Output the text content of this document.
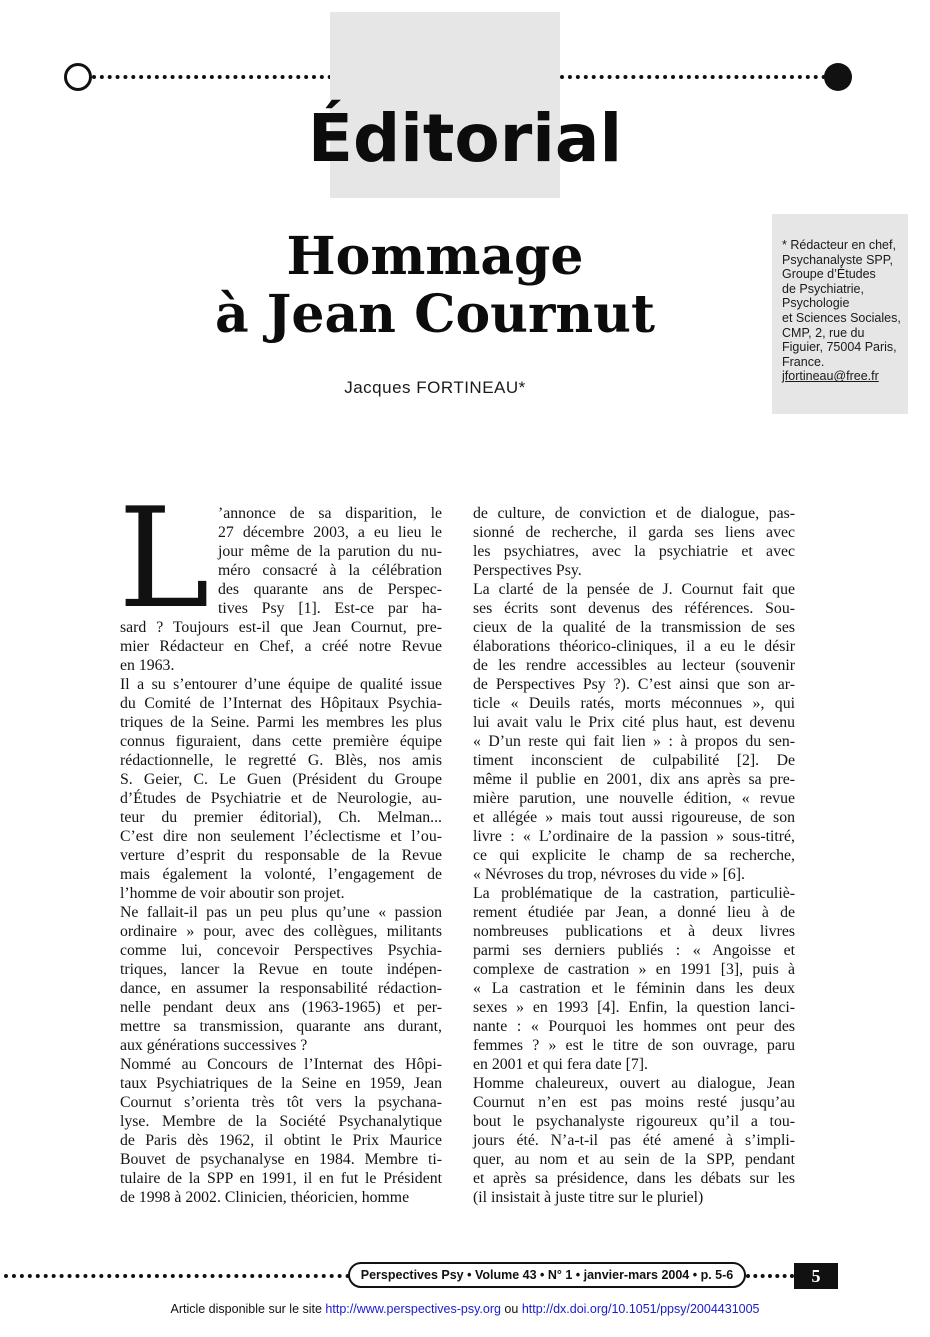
Éditorial
Hommage
à Jean Cournut
Jacques FORTINEAU*
* Rédacteur en chef,
Psychanalyste SPP,
Groupe d’Études
de Psychiatrie,
Psychologie
et Sciences Sociales,
CMP, 2, rue du
Figuier, 75004 Paris,
France.
jfortineau@free.fr
L ’annonce de sa disparition, le
27 décembre 2003, a eu lieu le
jour même de la parution du nu-
méro consacré à la célébration
des quarante ans de Perspec-
tives Psy [1]. Est-ce par ha-
sard ? Toujours est-il que Jean Cournut, pre-
mier Rédacteur en Chef, a créé notre Revue
en 1963.
Il a su s’entourer d’une équipe de qualité issue
du Comité de l’Internat des Hôpitaux Psychia-
triques de la Seine. Parmi les membres les plus
connus figuraient, dans cette première équipe
rédactionnelle, le regretté G. Blès, nos amis
S. Geier, C. Le Guen (Président du Groupe
d’Études de Psychiatrie et de Neurologie, au-
teur du premier éditorial), Ch. Melman...
C’est dire non seulement l’éclectisme et l’ou-
verture d’esprit du responsable de la Revue
mais également la volonté, l’engagement de
l’homme de voir aboutir son projet.
Ne fallait-il pas un peu plus qu’une « passion
ordinaire » pour, avec des collègues, militants
comme lui, concevoir Perspectives Psychia-
triques, lancer la Revue en toute indépen-
dance, en assumer la responsabilité rédaction-
nelle pendant deux ans (1963-1965) et per-
mettre sa transmission, quarante ans durant,
aux générations successives ?
Nommé au Concours de l’Internat des Hôpi-
taux Psychiatriques de la Seine en 1959, Jean
Cournut s’orienta très tôt vers la psychana-
lyse. Membre de la Société Psychanalytique
de Paris dès 1962, il obtint le Prix Maurice
Bouvet de psychanalyse en 1984. Membre ti-
tulaire de la SPP en 1991, il en fut le Président
de 1998 à 2002. Clinicien, théoricien, homme
de culture, de conviction et de dialogue, pas-
sionné de recherche, il garda ses liens avec
les psychiatres, avec la psychiatrie et avec
Perspectives Psy.
La clarté de la pensée de J. Cournut fait que
ses écrits sont devenus des références. Sou-
cieux de la qualité de la transmission de ses
élaborations théorico-cliniques, il a eu le désir
de les rendre accessibles au lecteur (souvenir
de Perspectives Psy ?). C’est ainsi que son ar-
ticle « Deuils ratés, morts méconnues », qui
lui avait valu le Prix cité plus haut, est devenu
« D’un reste qui fait lien » : à propos du sen-
timent inconscient de culpabilité [2]. De
même il publie en 2001, dix ans après sa pre-
mière parution, une nouvelle édition, « revue
et allégée » mais tout aussi rigoureuse, de son
livre : « L’ordinaire de la passion » sous-titré,
ce qui explicite le champ de sa recherche,
« Névroses du trop, névroses du vide » [6].
La problématique de la castration, particuliè-
rement étudiée par Jean, a donné lieu à de
nombreuses publications et à deux livres
parmi ses derniers publiés : « Angoisse et
complexe de castration » en 1991 [3], puis à
« La castration et le féminin dans les deux
sexes » en 1993 [4]. Enfin, la question lanci-
nante : « Pourquoi les hommes ont peur des
femmes ? » est le titre de son ouvrage, paru
en 2001 et qui fera date [7].
Homme chaleureux, ouvert au dialogue, Jean
Cournut n’en est pas moins resté jusqu’au
bout le psychanalyste rigoureux qu’il a tou-
jours été. N’a-t-il pas été amené à s’impli-
quer, au nom et au sein de la SPP, pendant
et après sa présidence, dans les débats sur les
(il insistait à juste titre sur le pluriel)
Perspectives Psy • Volume 43 • N° 1 • janvier-mars 2004 • p. 5-6	5
Article disponible sur le site http://www.perspectives-psy.org ou http://dx.doi.org/10.1051/ppsy/2004431005
